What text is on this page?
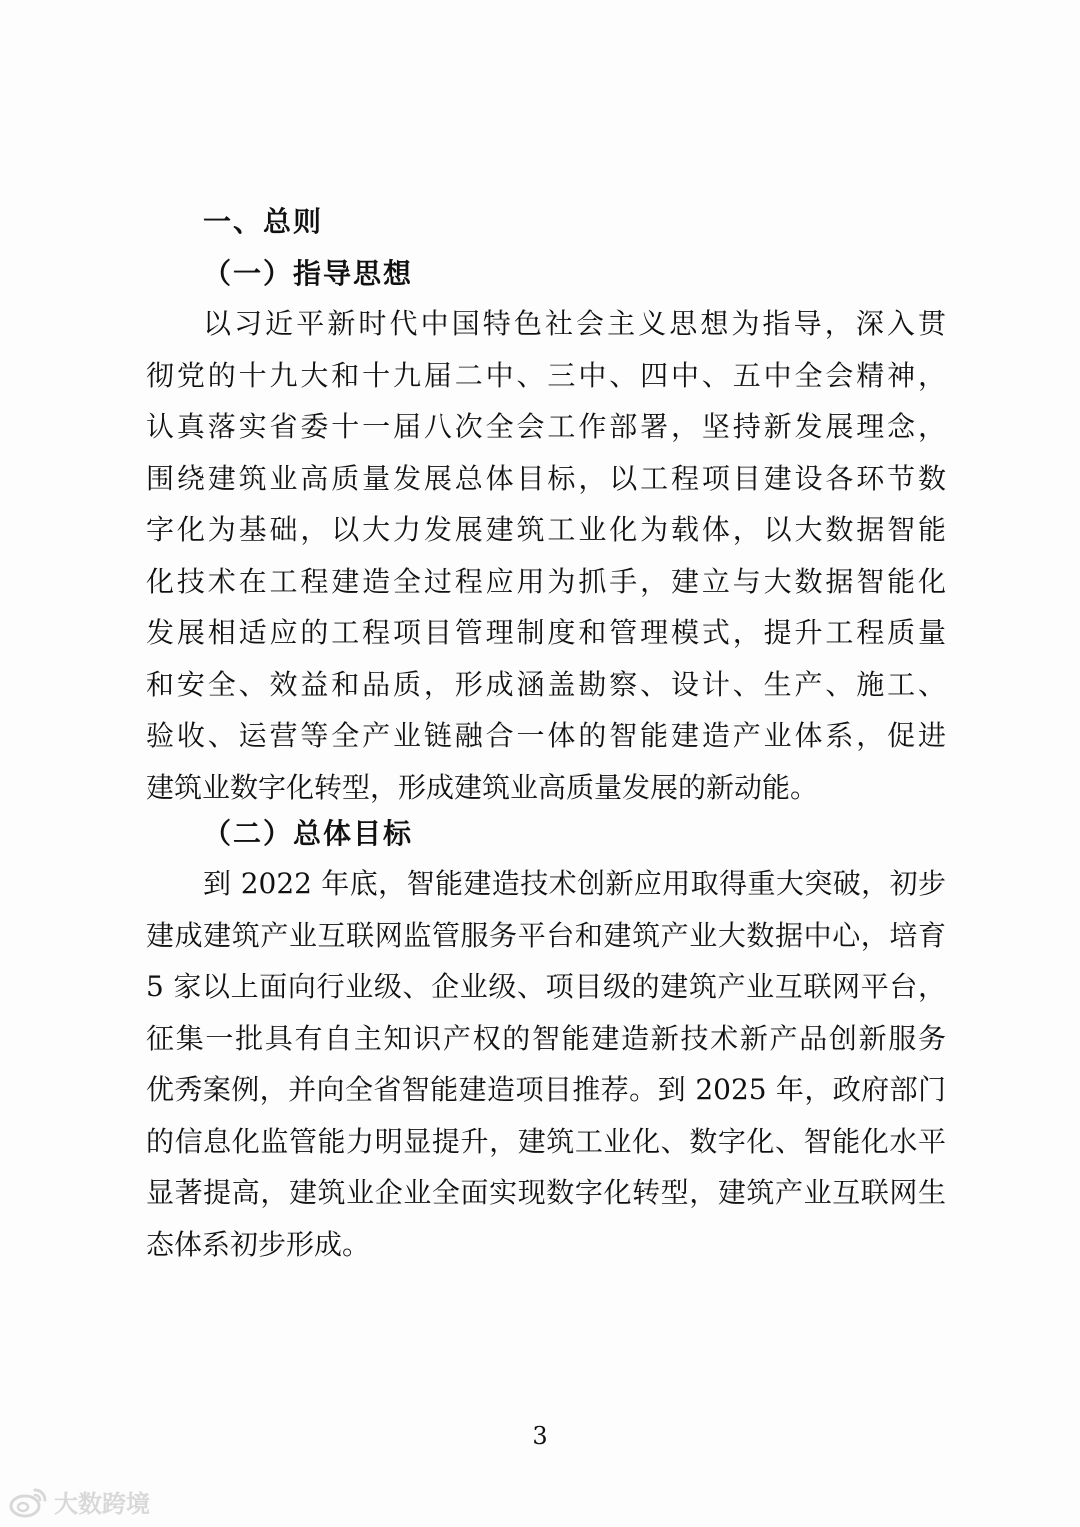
一、总则
（一）指导思想
以习近平新时代中国特色社会主义思想为指导，深入贯
彻党的十九大和十九届二中、三中、四中、五中全会精神，
认真落实省委十一届八次全会工作部署，坚持新发展理念，
围绕建筑业高质量发展总体目标，以工程项目建设各环节数
字化为基础，以大力发展建筑工业化为载体，以大数据智能
化技术在工程建造全过程应用为抓手，建立与大数据智能化
发展相适应的工程项目管理制度和管理模式，提升工程质量
和安全、效益和品质，形成涵盖勘察、设计、生产、施工、
验收、运营等全产业链融合一体的智能建造产业体系，促进
建筑业数字化转型，形成建筑业高质量发展的新动能。
（二）总体目标
到 2022 年底，智能建造技术创新应用取得重大突破，初步
建成建筑产业互联网监管服务平台和建筑产业大数据中心，培育
5 家以上面向行业级、企业级、项目级的建筑产业互联网平台，
征集一批具有自主知识产权的智能建造新技术新产品创新服务
优秀案例，并向全省智能建造项目推荐。到 2025 年，政府部门
的信息化监管能力明显提升，建筑工业化、数字化、智能化水平
显著提高，建筑业企业全面实现数字化转型，建筑产业互联网生
态体系初步形成。
3
大数跨境
